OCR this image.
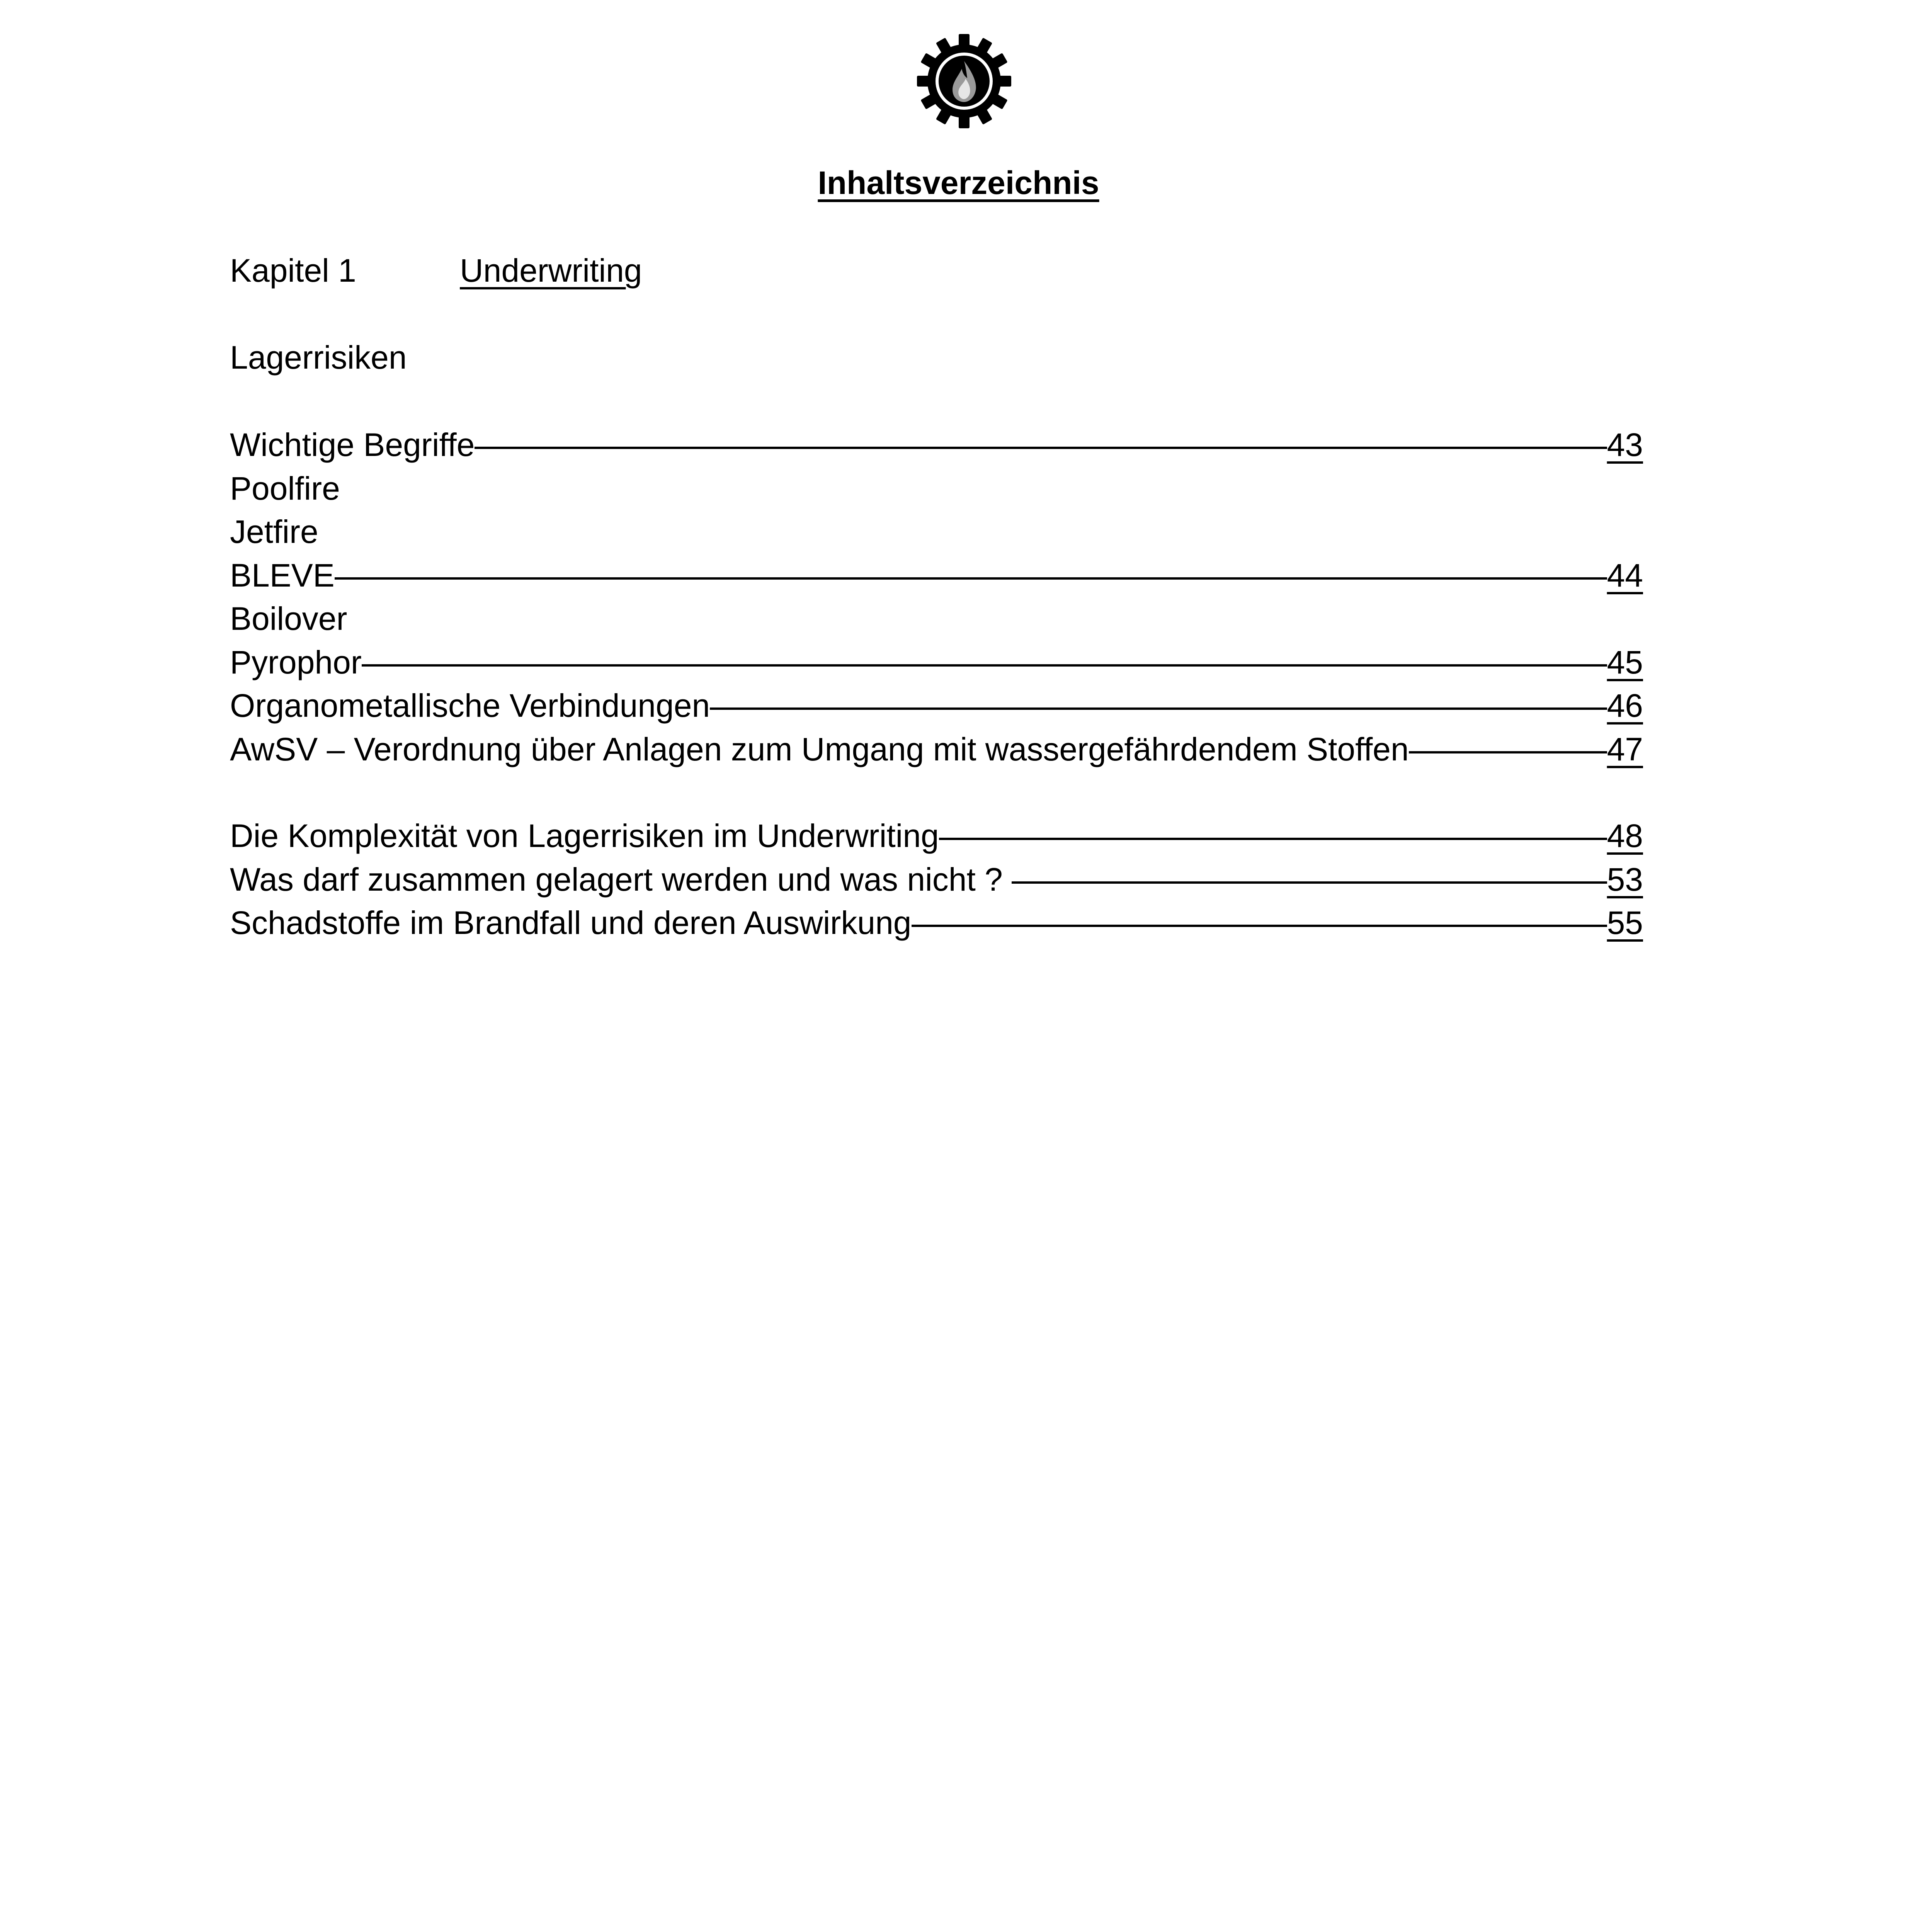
Inhaltsverzeichnis
Kapitel 1	Underwriting
Lagerrisiken
Wichtige Begriffe	43
Poolfire
Jetfire
BLEVE	44
Boilover
Pyrophor	45
Organometallische Verbindungen	46
AwSV – Verordnung über Anlagen zum Umgang mit wassergefährdendem Stoffen	47
Die Komplexität von Lagerrisiken im Underwriting	48
Was darf zusammen gelagert werden und was nicht ?	53
Schadstoffe im Brandfall und deren Auswirkung	55
